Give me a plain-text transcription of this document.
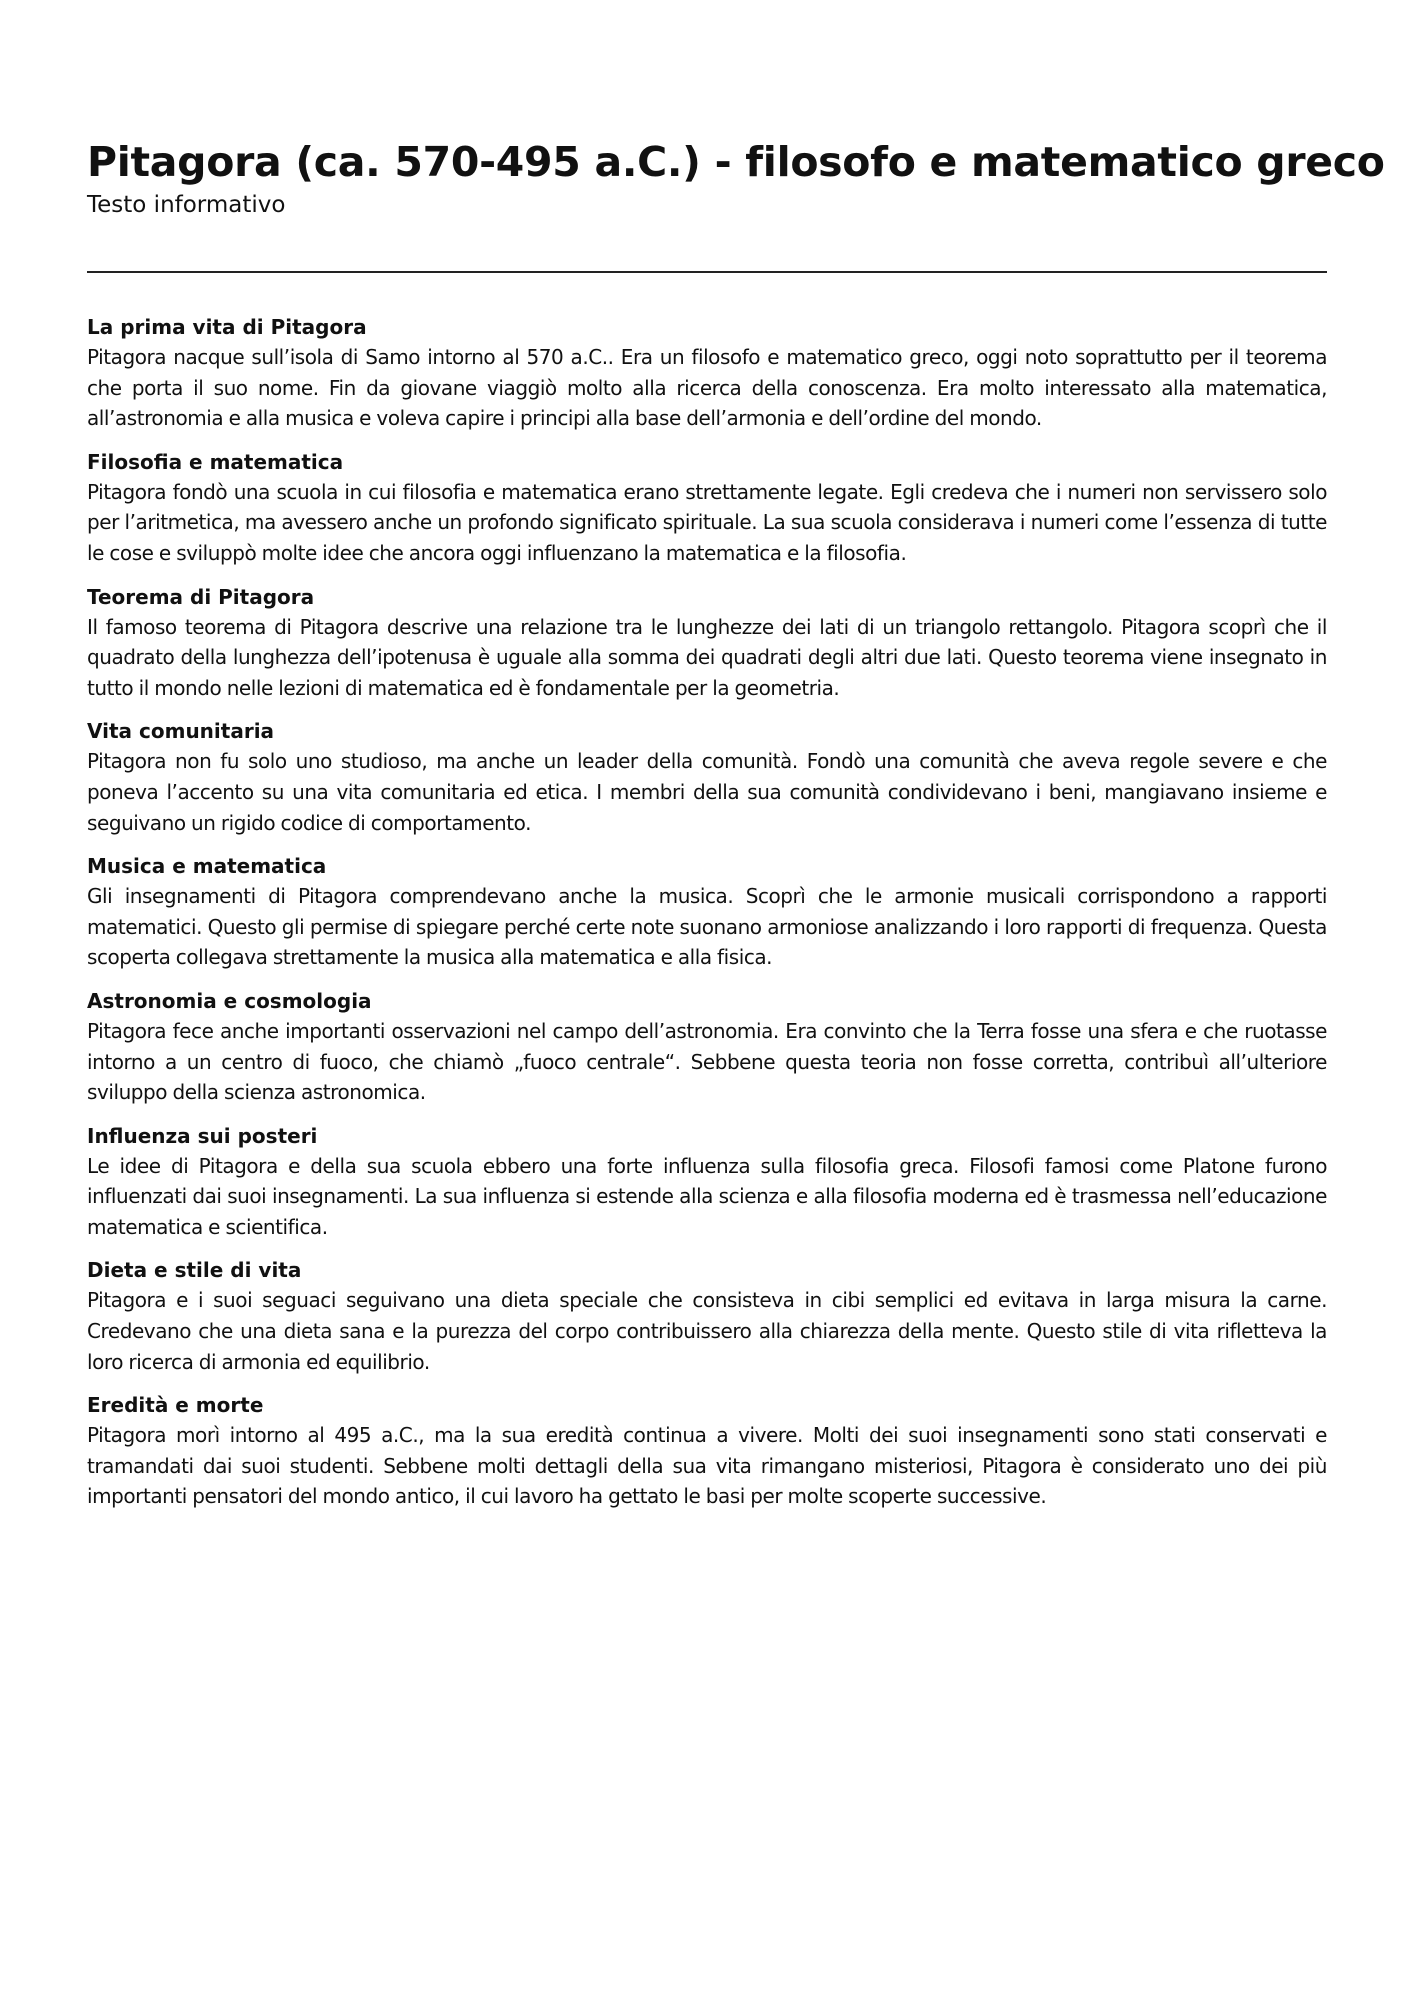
Pitagora (ca. 570-495 a.C.) - filosofo e matematico greco
Testo informativo
La prima vita di Pitagora

Pitagora nacque sull’isola di Samo intorno al 570 a.C.. Era un filosofo e matematico greco, oggi noto soprattutto per il teorema che porta il suo nome. Fin da giovane viaggiò molto alla ricerca della conoscenza. Era molto interessato alla matematica, all’astronomia e alla musica e voleva capire i principi alla base dell’armonia e dell’ordine del mondo.

Filosofia e matematica

Pitagora fondò una scuola in cui filosofia e matematica erano strettamente legate. Egli credeva che i numeri non servissero solo per l’aritmetica, ma avessero anche un profondo significato spirituale. La sua scuola considerava i numeri come l’essenza di tutte le cose e sviluppò molte idee che ancora oggi influenzano la matematica e la filosofia.

Teorema di Pitagora

Il famoso teorema di Pitagora descrive una relazione tra le lunghezze dei lati di un triangolo rettangolo. Pitagora scoprì che il quadrato della lunghezza dell’ipotenusa è uguale alla somma dei quadrati degli altri due lati. Questo teorema viene insegnato in tutto il mondo nelle lezioni di matematica ed è fondamentale per la geometria.

Vita comunitaria

Pitagora non fu solo uno studioso, ma anche un leader della comunità. Fondò una comunità che aveva regole severe e che poneva l’accento su una vita comunitaria ed etica. I membri della sua comunità condividevano i beni, mangiavano insieme e seguivano un rigido codice di comportamento.

Musica e matematica

Gli insegnamenti di Pitagora comprendevano anche la musica. Scoprì che le armonie musicali corrispondono a rapporti matematici. Questo gli permise di spiegare perché certe note suonano armoniose analizzando i loro rapporti di frequenza. Questa scoperta collegava strettamente la musica alla matematica e alla fisica.

Astronomia e cosmologia

Pitagora fece anche importanti osservazioni nel campo dell’astronomia. Era convinto che la Terra fosse una sfera e che ruotasse intorno a un centro di fuoco, che chiamò „fuoco centrale“. Sebbene questa teoria non fosse corretta, contribuì all’ulteriore sviluppo della scienza astronomica.

Influenza sui posteri

Le idee di Pitagora e della sua scuola ebbero una forte influenza sulla filosofia greca. Filosofi famosi come Platone furono influenzati dai suoi insegnamenti. La sua influenza si estende alla scienza e alla filosofia moderna ed è trasmessa nell’educazione matematica e scientifica.

Dieta e stile di vita

Pitagora e i suoi seguaci seguivano una dieta speciale che consisteva in cibi semplici ed evitava in larga misura la carne. Credevano che una dieta sana e la purezza del corpo contribuissero alla chiarezza della mente. Questo stile di vita rifletteva la loro ricerca di armonia ed equilibrio.

Eredità e morte

Pitagora morì intorno al 495 a.C., ma la sua eredità continua a vivere. Molti dei suoi insegnamenti sono stati conservati e tramandati dai suoi studenti. Sebbene molti dettagli della sua vita rimangano misteriosi, Pitagora è considerato uno dei più importanti pensatori del mondo antico, il cui lavoro ha gettato le basi per molte scoperte successive.
